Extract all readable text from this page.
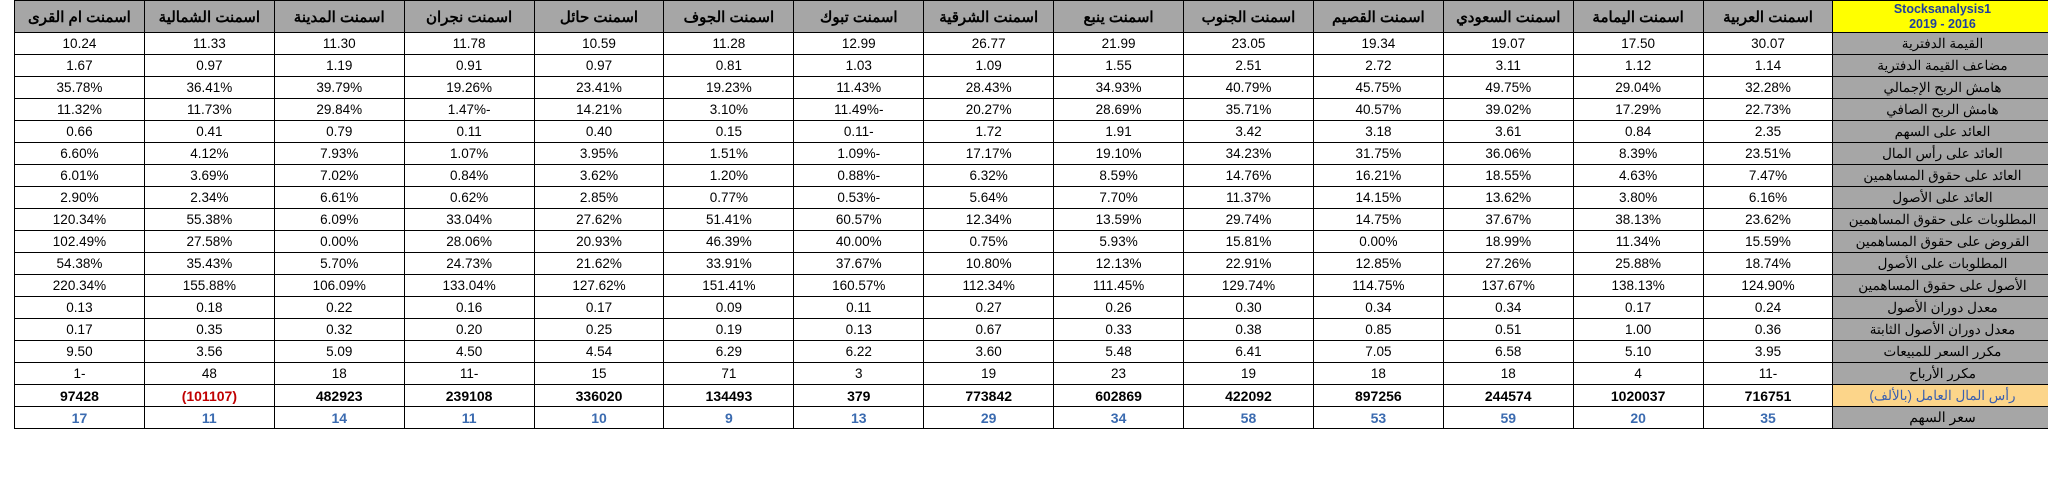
Stocksanalysis1
2016 - 2019	اسمنت العربية	اسمنت اليمامة	اسمنت السعودي	اسمنت القصيم	اسمنت الجنوب	اسمنت ينبع	اسمنت الشرقية	اسمنت تبوك	اسمنت الجوف	اسمنت حائل	اسمنت نجران	اسمنت المدينة	اسمنت الشمالية	اسمنت ام القرى
القيمة الدفترية	30.07	17.50	19.07	19.34	23.05	21.99	26.77	12.99	11.28	10.59	11.78	11.30	11.33	10.24
مضاعف القيمة الدفترية	1.14	1.12	3.11	2.72	2.51	1.55	1.09	1.03	0.81	0.97	0.91	1.19	0.97	1.67
هامش الربح الإجمالي	32.28%	29.04%	49.75%	45.75%	40.79%	34.93%	28.43%	11.43%	19.23%	23.41%	19.26%	39.79%	36.41%	35.78%
هامش الربح الصافي	22.73%	17.29%	39.02%	40.57%	35.71%	28.69%	20.27%	-11.49%	3.10%	14.21%	-1.47%	29.84%	11.73%	11.32%
العائد على السهم	2.35	0.84	3.61	3.18	3.42	1.91	1.72	-0.11	0.15	0.40	0.11	0.79	0.41	0.66
العائد على رأس المال	23.51%	8.39%	36.06%	31.75%	34.23%	19.10%	17.17%	-1.09%	1.51%	3.95%	1.07%	7.93%	4.12%	6.60%
العائد على حقوق المساهمين	7.47%	4.63%	18.55%	16.21%	14.76%	8.59%	6.32%	-0.88%	1.20%	3.62%	0.84%	7.02%	3.69%	6.01%
العائد على الأصول	6.16%	3.80%	13.62%	14.15%	11.37%	7.70%	5.64%	-0.53%	0.77%	2.85%	0.62%	6.61%	2.34%	2.90%
المطلوبات على حقوق المساهمين	23.62%	38.13%	37.67%	14.75%	29.74%	13.59%	12.34%	60.57%	51.41%	27.62%	33.04%	6.09%	55.38%	120.34%
القروض على حقوق المساهمين	15.59%	11.34%	18.99%	0.00%	15.81%	5.93%	0.75%	40.00%	46.39%	20.93%	28.06%	0.00%	27.58%	102.49%
المطلوبات على الأصول	18.74%	25.88%	27.26%	12.85%	22.91%	12.13%	10.80%	37.67%	33.91%	21.62%	24.73%	5.70%	35.43%	54.38%
الأصول على حقوق المساهمين	124.90%	138.13%	137.67%	114.75%	129.74%	111.45%	112.34%	160.57%	151.41%	127.62%	133.04%	106.09%	155.88%	220.34%
معدل دوران الأصول	0.24	0.17	0.34	0.34	0.30	0.26	0.27	0.11	0.09	0.17	0.16	0.22	0.18	0.13
معدل دوران الأصول الثابتة	0.36	1.00	0.51	0.85	0.38	0.33	0.67	0.13	0.19	0.25	0.20	0.32	0.35	0.17
مكرر السعر للمبيعات	3.95	5.10	6.58	7.05	6.41	5.48	3.60	6.22	6.29	4.54	4.50	5.09	3.56	9.50
مكرر الأرباح	-11	4	18	18	19	23	19	3	71	15	-11	18	48	-1
رأس المال العامل (بالألف)	716751	1020037	244574	897256	422092	602869	773842	379	134493	336020	239108	482923	(101107)	97428
سعر السهم	35	20	59	53	58	34	29	13	9	10	11	14	11	17
